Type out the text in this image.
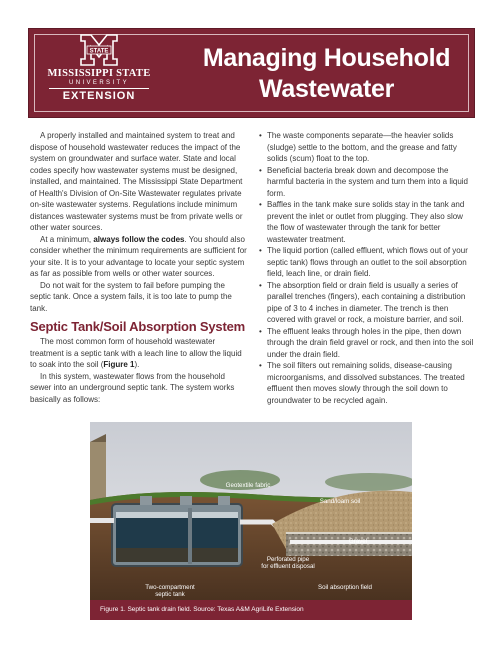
STATE
MISSISSIPPI STATE
UNIVERSITY
EXTENSION
Managing Household
Wastewater

A properly installed and maintained system to treat and dispose of household wastewater reduces the impact of the system on groundwater and surface water. State and local codes specify how wastewater systems must be designed, installed, and maintained. The Mississippi State Department of Health's Division of On-Site Wastewater regulates private on-site wastewater systems. Regulations include minimum distances wastewater systems must be from private wells or other water sources.

At a minimum, always follow the codes. You should also consider whether the minimum requirements are sufficient for your site. It is to your advantage to locate your septic system as far as possible from wells or other water sources.

Do not wait for the system to fail before pumping the septic tank. Once a system fails, it is too late to pump the tank.

Septic Tank/Soil Absorption System

The most common form of household wastewater treatment is a septic tank with a leach line to allow the liquid to soak into the soil (Figure 1).

In this system, wastewater flows from the household sewer into an underground septic tank. The system works basically as follows:

• The waste components separate—the heavier solids (sludge) settle to the bottom, and the grease and fatty solids (scum) float to the top.
• Beneficial bacteria break down and decompose the harmful bacteria in the system and turn them into a liquid form.
• Baffles in the tank make sure solids stay in the tank and prevent the inlet or outlet from plugging. They also slow the flow of wastewater through the tank for better wastewater treatment.
• The liquid portion (called effluent, which flows out of your septic tank) flows through an outlet to the soil absorption field, leach line, or drain field.
• The absorption field or drain field is usually a series of parallel trenches (fingers), each containing a distribution pipe of 3 to 4 inches in diameter. The trench is then covered with gravel or rock, a moisture barrier, and soil.
• The effluent leaks through holes in the pipe, then down through the drain field gravel or rock, and then into the soil under the drain field.
• The soil filters out remaining solids, disease-causing microorganisms, and dissolved substances. The treated effluent then moves slowly through the soil down to groundwater to be recycled again.
Geotextile fabric
Sand/loam soil
Gravel
Perforated pipe
for effluent disposal
Two-compartment
septic tank
Soil absorption field
Figure 1. Septic tank drain field. Source: Texas A&M AgriLife Extension
